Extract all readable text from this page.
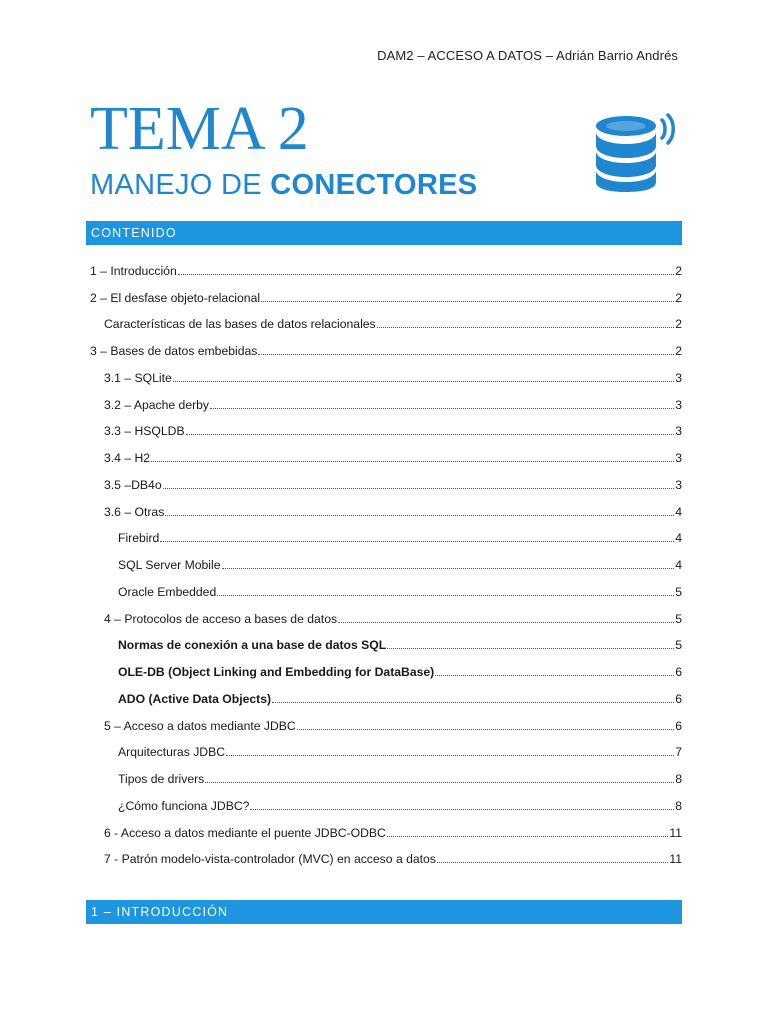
DAM2 – ACCESO A DATOS – Adrián Barrio Andrés
TEMA 2
MANEJO DE CONECTORES
CONTENIDO
1 – Introducción	2
2 – El desfase objeto-relacional	2
Características de las bases de datos relacionales	2
3 – Bases de datos embebidas	2
3.1 – SQLite	3
3.2 – Apache derby	3
3.3 – HSQLDB	3
3.4 – H2	3
3.5 –DB4o	3
3.6 – Otras	4
Firebird	4
SQL Server Mobile	4
Oracle Embedded	5
4 – Protocolos de acceso a bases de datos	5
Normas de conexión a una base de datos SQL	5
OLE-DB (Object Linking and Embedding for DataBase)	6
ADO (Active Data Objects)	6
5 – Acceso a datos mediante JDBC	6
Arquitecturas JDBC	7
Tipos de drivers	8
¿Cómo funciona JDBC?	8
6 - Acceso a datos mediante el puente JDBC-ODBC	11
7 - Patrón modelo-vista-controlador (MVC) en acceso a datos	11
1 – INTRODUCCIÓN
